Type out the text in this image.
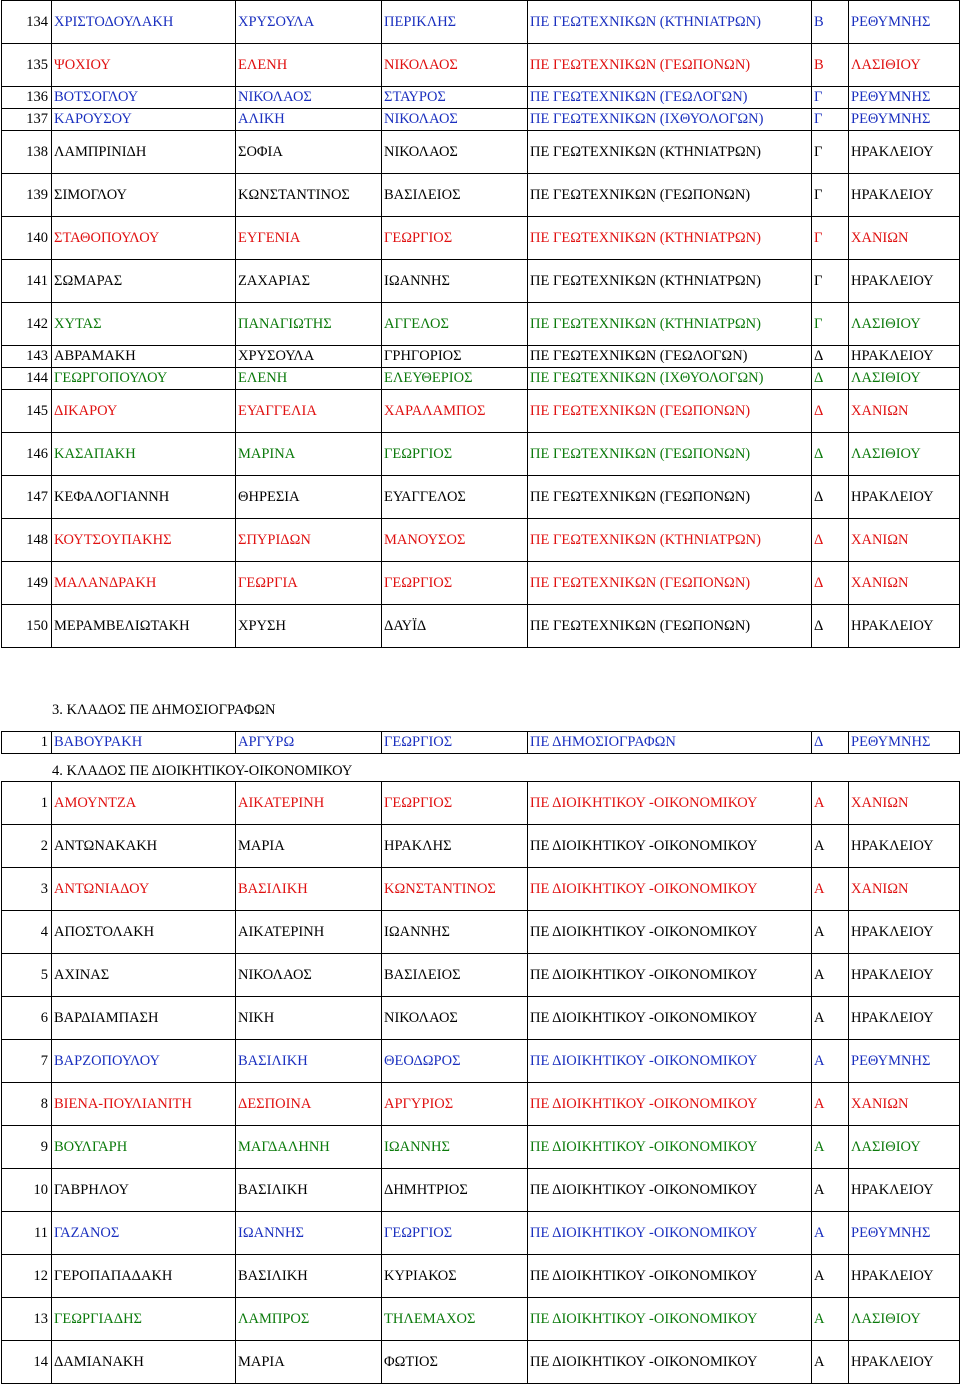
134	ΧΡΙΣΤΟΔΟΥΛΑΚΗ	ΧΡΥΣΟΥΛΑ	ΠΕΡΙΚΛΗΣ	ΠΕ ΓΕΩΤΕΧΝΙΚΩΝ (ΚΤΗΝΙΑΤΡΩΝ)	Β	ΡΕΘΥΜΝΗΣ
135	ΨΟΧΙΟΥ	ΕΛΕΝΗ	ΝΙΚΟΛΑΟΣ	ΠΕ ΓΕΩΤΕΧΝΙΚΩΝ (ΓΕΩΠΟΝΩΝ)	Β	ΛΑΣΙΘΙΟΥ
136	ΒΟΤΣΟΓΛΟΥ	ΝΙΚΟΛΑΟΣ	ΣΤΑΥΡΟΣ	ΠΕ ΓΕΩΤΕΧΝΙΚΩΝ (ΓΕΩΛΟΓΩΝ)	Γ	ΡΕΘΥΜΝΗΣ
137	ΚΑΡΟΥΣΟΥ	ΑΛΙΚΗ	ΝΙΚΟΛΑΟΣ	ΠΕ ΓΕΩΤΕΧΝΙΚΩΝ (ΙΧΘΥΟΛΟΓΩΝ)	Γ	ΡΕΘΥΜΝΗΣ
138	ΛΑΜΠΡΙΝΙΔΗ	ΣΟΦΙΑ	ΝΙΚΟΛΑΟΣ	ΠΕ ΓΕΩΤΕΧΝΙΚΩΝ (ΚΤΗΝΙΑΤΡΩΝ)	Γ	ΗΡΑΚΛΕΙΟΥ
139	ΣΙΜΟΓΛΟΥ	ΚΩΝΣΤΑΝΤΙΝΟΣ	ΒΑΣΙΛΕΙΟΣ	ΠΕ ΓΕΩΤΕΧΝΙΚΩΝ (ΓΕΩΠΟΝΩΝ)	Γ	ΗΡΑΚΛΕΙΟΥ
140	ΣΤΑΘΟΠΟΥΛΟΥ	ΕΥΓΕΝΙΑ	ΓΕΩΡΓΙΟΣ	ΠΕ ΓΕΩΤΕΧΝΙΚΩΝ (ΚΤΗΝΙΑΤΡΩΝ)	Γ	ΧΑΝΙΩΝ
141	ΣΩΜΑΡΑΣ	ΖΑΧΑΡΙΑΣ	ΙΩΑΝΝΗΣ	ΠΕ ΓΕΩΤΕΧΝΙΚΩΝ (ΚΤΗΝΙΑΤΡΩΝ)	Γ	ΗΡΑΚΛΕΙΟΥ
142	ΧΥΤΑΣ	ΠΑΝΑΓΙΩΤΗΣ	ΑΓΓΕΛΟΣ	ΠΕ ΓΕΩΤΕΧΝΙΚΩΝ (ΚΤΗΝΙΑΤΡΩΝ)	Γ	ΛΑΣΙΘΙΟΥ
143	ΑΒΡΑΜΑΚΗ	ΧΡΥΣΟΥΛΑ	ΓΡΗΓΟΡΙΟΣ	ΠΕ ΓΕΩΤΕΧΝΙΚΩΝ (ΓΕΩΛΟΓΩΝ)	Δ	ΗΡΑΚΛΕΙΟΥ
144	ΓΕΩΡΓΟΠΟΥΛΟΥ	ΕΛΕΝΗ	ΕΛΕΥΘΕΡΙΟΣ	ΠΕ ΓΕΩΤΕΧΝΙΚΩΝ (ΙΧΘΥΟΛΟΓΩΝ)	Δ	ΛΑΣΙΘΙΟΥ
145	ΔΙΚΑΡΟΥ	ΕΥΑΓΓΕΛΙΑ	ΧΑΡΑΛΑΜΠΟΣ	ΠΕ ΓΕΩΤΕΧΝΙΚΩΝ (ΓΕΩΠΟΝΩΝ)	Δ	ΧΑΝΙΩΝ
146	ΚΑΣΑΠΑΚΗ	ΜΑΡΙΝΑ	ΓΕΩΡΓΙΟΣ	ΠΕ ΓΕΩΤΕΧΝΙΚΩΝ (ΓΕΩΠΟΝΩΝ)	Δ	ΛΑΣΙΘΙΟΥ
147	ΚΕΦΑΛΟΓΙΑΝΝΗ	ΘΗΡΕΣΙΑ	ΕΥΑΓΓΕΛΟΣ	ΠΕ ΓΕΩΤΕΧΝΙΚΩΝ (ΓΕΩΠΟΝΩΝ)	Δ	ΗΡΑΚΛΕΙΟΥ
148	ΚΟΥΤΣΟΥΠΑΚΗΣ	ΣΠΥΡΙΔΩΝ	ΜΑΝΟΥΣΟΣ	ΠΕ ΓΕΩΤΕΧΝΙΚΩΝ (ΚΤΗΝΙΑΤΡΩΝ)	Δ	ΧΑΝΙΩΝ
149	ΜΑΛΑΝΔΡΑΚΗ	ΓΕΩΡΓΙΑ	ΓΕΩΡΓΙΟΣ	ΠΕ ΓΕΩΤΕΧΝΙΚΩΝ (ΓΕΩΠΟΝΩΝ)	Δ	ΧΑΝΙΩΝ
150	ΜΕΡΑΜΒΕΛΙΩΤΑΚΗ	ΧΡΥΣΗ	ΔΑΥΪΔ	ΠΕ ΓΕΩΤΕΧΝΙΚΩΝ (ΓΕΩΠΟΝΩΝ)	Δ	ΗΡΑΚΛΕΙΟΥ
3. ΚΛΑΔΟΣ ΠΕ ΔΗΜΟΣΙΟΓΡΑΦΩΝ
1	ΒΑΒΟΥΡΑΚΗ	ΑΡΓΥΡΩ	ΓΕΩΡΓΙΟΣ	ΠΕ ΔΗΜΟΣΙΟΓΡΑΦΩΝ	Δ	ΡΕΘΥΜΝΗΣ
4. ΚΛΑΔΟΣ ΠΕ ΔΙΟΙΚΗΤΙΚΟΥ-ΟΙΚΟΝΟΜΙΚΟΥ
1	ΑΜΟΥΝΤΖΑ	ΑΙΚΑΤΕΡΙΝΗ	ΓΕΩΡΓΙΟΣ	ΠΕ ΔΙΟΙΚΗΤΙΚΟΥ -ΟΙΚΟΝΟΜΙΚΟΥ	Α	ΧΑΝΙΩΝ
2	ΑΝΤΩΝΑΚΑΚΗ	ΜΑΡΙΑ	ΗΡΑΚΛΗΣ	ΠΕ ΔΙΟΙΚΗΤΙΚΟΥ -ΟΙΚΟΝΟΜΙΚΟΥ	Α	ΗΡΑΚΛΕΙΟΥ
3	ΑΝΤΩΝΙΑΔΟΥ	ΒΑΣΙΛΙΚΗ	ΚΩΝΣΤΑΝΤΙΝΟΣ	ΠΕ ΔΙΟΙΚΗΤΙΚΟΥ -ΟΙΚΟΝΟΜΙΚΟΥ	Α	ΧΑΝΙΩΝ
4	ΑΠΟΣΤΟΛΑΚΗ	ΑΙΚΑΤΕΡΙΝΗ	ΙΩΑΝΝΗΣ	ΠΕ ΔΙΟΙΚΗΤΙΚΟΥ -ΟΙΚΟΝΟΜΙΚΟΥ	Α	ΗΡΑΚΛΕΙΟΥ
5	ΑΧΙΝΑΣ	ΝΙΚΟΛΑΟΣ	ΒΑΣΙΛΕΙΟΣ	ΠΕ ΔΙΟΙΚΗΤΙΚΟΥ -ΟΙΚΟΝΟΜΙΚΟΥ	Α	ΗΡΑΚΛΕΙΟΥ
6	ΒΑΡΔΙΑΜΠΑΣΗ	ΝΙΚΗ	ΝΙΚΟΛΑΟΣ	ΠΕ ΔΙΟΙΚΗΤΙΚΟΥ -ΟΙΚΟΝΟΜΙΚΟΥ	Α	ΗΡΑΚΛΕΙΟΥ
7	ΒΑΡΖΟΠΟΥΛΟΥ	ΒΑΣΙΛΙΚΗ	ΘΕΟΔΩΡΟΣ	ΠΕ ΔΙΟΙΚΗΤΙΚΟΥ -ΟΙΚΟΝΟΜΙΚΟΥ	Α	ΡΕΘΥΜΝΗΣ
8	ΒΙΕΝΑ-ΠΟΥΛΙΑΝΙΤΗ	ΔΕΣΠΟΙΝΑ	ΑΡΓΥΡΙΟΣ	ΠΕ ΔΙΟΙΚΗΤΙΚΟΥ -ΟΙΚΟΝΟΜΙΚΟΥ	Α	ΧΑΝΙΩΝ
9	ΒΟΥΛΓΑΡΗ	ΜΑΓΔΑΛΗΝΗ	ΙΩΑΝΝΗΣ	ΠΕ ΔΙΟΙΚΗΤΙΚΟΥ -ΟΙΚΟΝΟΜΙΚΟΥ	Α	ΛΑΣΙΘΙΟΥ
10	ΓΑΒΡΗΛΟΥ	ΒΑΣΙΛΙΚΗ	ΔΗΜΗΤΡΙΟΣ	ΠΕ ΔΙΟΙΚΗΤΙΚΟΥ -ΟΙΚΟΝΟΜΙΚΟΥ	Α	ΗΡΑΚΛΕΙΟΥ
11	ΓΑΖΑΝΟΣ	ΙΩΑΝΝΗΣ	ΓΕΩΡΓΙΟΣ	ΠΕ ΔΙΟΙΚΗΤΙΚΟΥ -ΟΙΚΟΝΟΜΙΚΟΥ	Α	ΡΕΘΥΜΝΗΣ
12	ΓΕΡΟΠΑΠΑΔΑΚΗ	ΒΑΣΙΛΙΚΗ	ΚΥΡΙΑΚΟΣ	ΠΕ ΔΙΟΙΚΗΤΙΚΟΥ -ΟΙΚΟΝΟΜΙΚΟΥ	Α	ΗΡΑΚΛΕΙΟΥ
13	ΓΕΩΡΓΙΑΔΗΣ	ΛΑΜΠΡΟΣ	ΤΗΛΕΜΑΧΟΣ	ΠΕ ΔΙΟΙΚΗΤΙΚΟΥ -ΟΙΚΟΝΟΜΙΚΟΥ	Α	ΛΑΣΙΘΙΟΥ
14	ΔΑΜΙΑΝΑΚΗ	ΜΑΡΙΑ	ΦΩΤΙΟΣ	ΠΕ ΔΙΟΙΚΗΤΙΚΟΥ -ΟΙΚΟΝΟΜΙΚΟΥ	Α	ΗΡΑΚΛΕΙΟΥ
